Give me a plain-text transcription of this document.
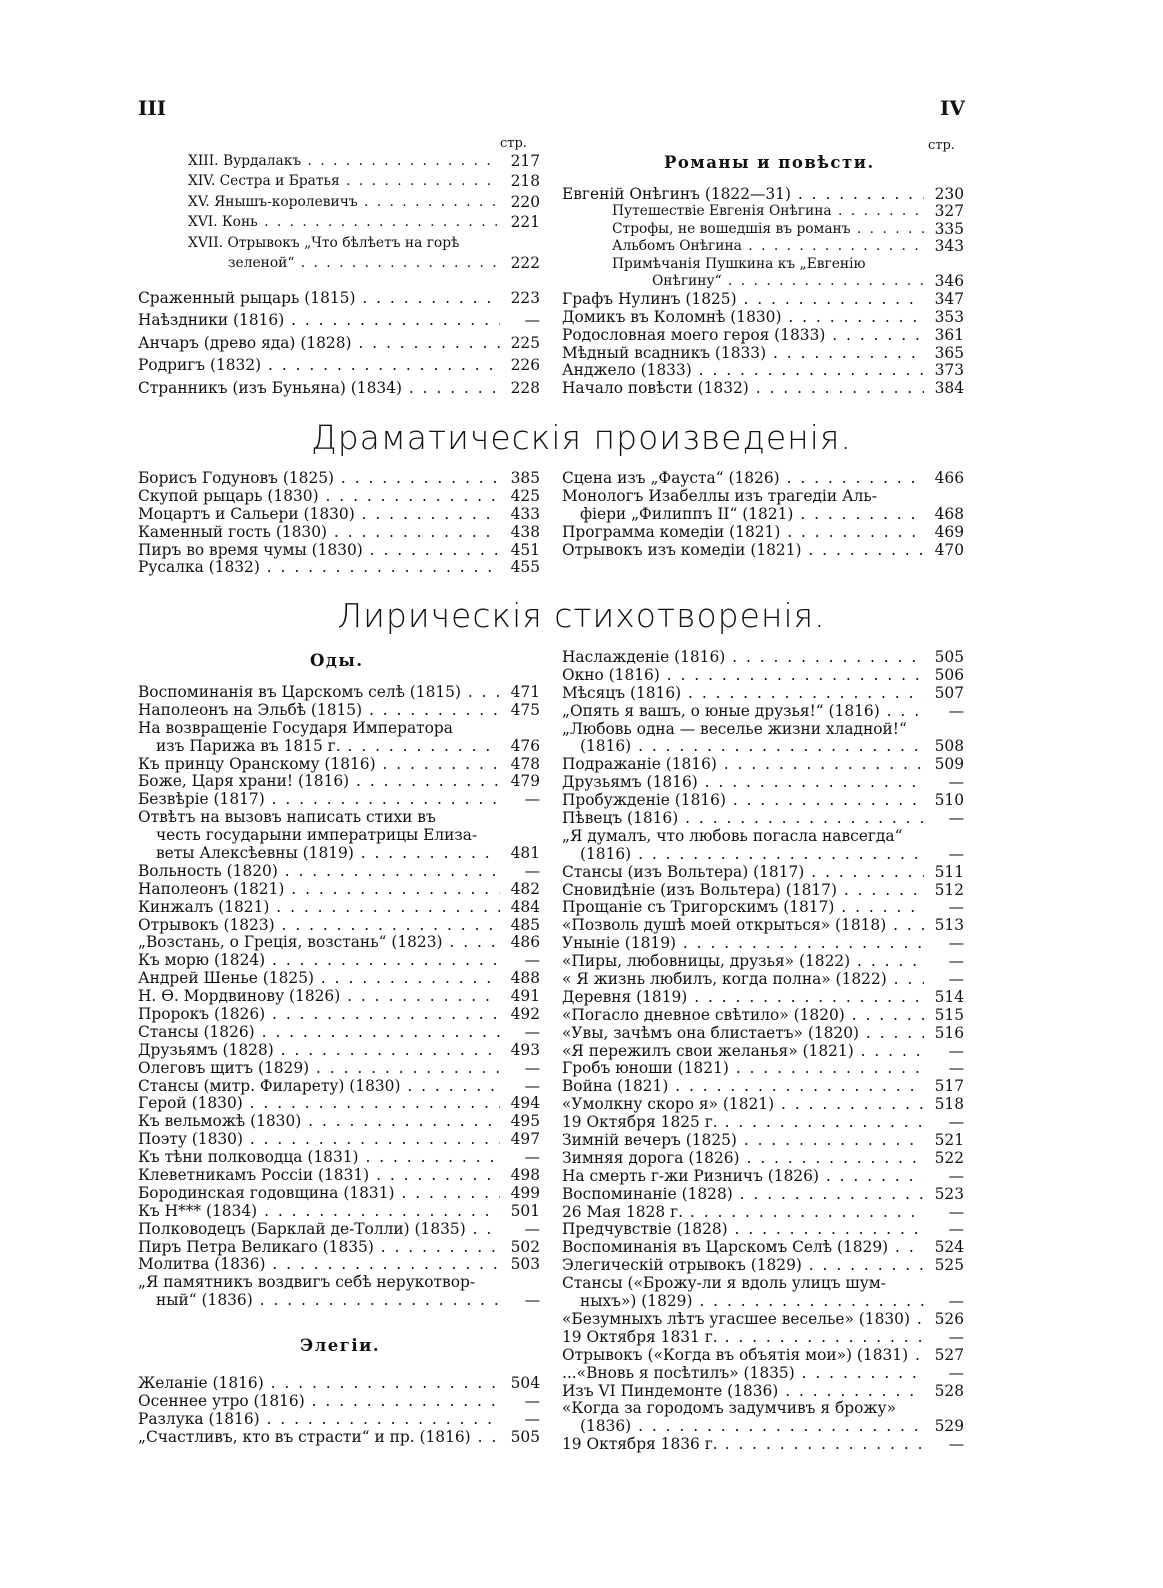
III	IV
стр.	стр.
Романы и повѣсти.
XIII. Вурдалакъ . . .	217
XIV. Сестра и Братья . . .	218
XV. Янышъ-королевичъ . . .	220
XVI. Конь . . .	221
XVII. Отрывокъ „Что бѣлѣетъ на горѣ
зеленой“ . . .	222
Сраженный рыцарь (1815) . . .	223
Наѣздники (1816) . . .	—
Анчаръ (древо яда) (1828) . . .	225
Родригъ (1832) . . .	226
Странникъ (изъ Буньяна) (1834) . . .	228
Евгеній Онѣгинъ (1822—31) . . .	230
Путешествіе Евгенія Онѣгина . . .	327
Строфы, не вошедшія въ романъ . . .	335
Альбомъ Онѣгина . . .	343
Примѣчанія Пушкина къ „Евгенію
Онѣгину“ . . .	346
Графъ Нулинъ (1825) . . .	347
Домикъ въ Коломнѣ (1830) . . .	353
Родословная моего героя (1833) . . .	361
Мѣдный всадникъ (1833) . . .	365
Анджело (1833) . . .	373
Начало повѣсти (1832) . . .	384
Драматическія произведенія.
Борисъ Годуновъ (1825) . . .	385
Скупой рыцарь (1830) . . .	425
Моцартъ и Сальери (1830) . . .	433
Каменный гость (1830) . . .	438
Пиръ во время чумы (1830) . . .	451
Русалка (1832) . . .	455
Сцена изъ „Фауста“ (1826) . . .	466
Монологъ Изабеллы изъ трагедіи Аль-
фіери „Филиппъ II“ (1821) . . .	468
Программа комедіи (1821) . . .	469
Отрывокъ изъ комедіи (1821) . . .	470
Лирическія стихотворенія.
Оды.
Воспоминанія въ Царскомъ селѣ (1815) . . .	471
Наполеонъ на Эльбѣ (1815) . . .	475
На возвращеніе Государя Императора
изъ Парижа въ 1815 г. . . .	476
Къ принцу Оранскому (1816) . . .	478
Боже, Царя храни! (1816) . . .	479
Безвѣріе (1817) . . .	—
Отвѣтъ на вызовъ написать стихи въ
честь государыни императрицы Елиза-
веты Алексѣевны (1819) . . .	481
Вольность (1820) . . .	—
Наполеонъ (1821) . . .	482
Кинжалъ (1821) . . .	484
Отрывокъ (1823) . . .	485
„Возстань, о Греція, возстань“ (1823) . . .	486
Къ морю (1824) . . .	—
Андрей Шенье (1825) . . .	488
Н. Ѳ. Мордвинову (1826) . . .	491
Пророкъ (1826) . . .	492
Стансы (1826) . . .	—
Друзьямъ (1828) . . .	493
Олеговъ щитъ (1829) . . .	—
Стансы (митр. Филарету) (1830) . . .	—
Герой (1830) . . .	494
Къ вельможѣ (1830) . . .	495
Поэту (1830) . . .	497
Къ тѣни полководца (1831) . . .	—
Клеветникамъ Россіи (1831) . . .	498
Бородинская годовщина (1831) . . .	499
Къ Н*** (1834) . . .	501
Полководецъ (Барклай де-Толли) (1835) . . .	—
Пиръ Петра Великаго (1835) . . .	502
Молитва (1836) . . .	503
„Я памятникъ воздвигъ себѣ нерукотвор-
ный“ (1836) . . .	—
Элегіи.
Желаніе (1816) . . .	504
Осеннее утро (1816) . . .	—
Разлука (1816) . . .	—
„Счастливъ, кто въ страсти“ и пр. (1816) . . .	505
Наслажденіе (1816) . . .	505
Окно (1816) . . .	506
Мѣсяцъ (1816) . . .	507
„Опять я вашъ, о юные друзья!“ (1816) . . .	—
„Любовь одна — веселье жизни хладной!“
(1816) . . .	508
Подражаніе (1816) . . .	509
Друзьямъ (1816) . . .	—
Пробужденіе (1816) . . .	510
Пѣвецъ (1816) . . .	—
„Я думалъ, что любовь погасла навсегда“
(1816) . . .	—
Стансы (изъ Вольтера) (1817) . . .	511
Сновидѣніе (изъ Вольтера) (1817) . . .	512
Прощаніе съ Тригорскимъ (1817) . . .	—
«Позволь душѣ моей открыться» (1818) . . .	513
Уныніе (1819) . . .	—
«Пиры, любовницы, друзья» (1822) . . .	—
« Я жизнь любилъ, когда полна» (1822) . . .	—
Деревня (1819) . . .	514
«Погасло дневное свѣтило» (1820) . . .	515
«Увы, зачѣмъ она блистаетъ» (1820) . . .	516
«Я пережилъ свои желанья» (1821) . . .	—
Гробъ юноши (1821) . . .	—
Война (1821) . . .	517
«Умолкну скоро я» (1821) . . .	518
19 Октября 1825 г. . . .	—
Зимній вечеръ (1825) . . .	521
Зимняя дорога (1826) . . .	522
На смерть г-жи Ризничъ (1826) . . .	—
Воспоминаніе (1828) . . .	523
26 Мая 1828 г. . . .	—
Предчувствіе (1828) . . .	—
Воспоминанія въ Царскомъ Селѣ (1829) . . .	524
Элегическій отрывокъ (1829) . . .	525
Стансы («Брожу-ли я вдоль улицъ шум-
ныхъ») (1829) . . .	—
«Безумныхъ лѣтъ угасшее веселье» (1830) . . .	526
19 Октября 1831 г. . . .	—
Отрывокъ («Когда въ объятія мои») (1831) . . .	527
...«Вновь я посѣтилъ» (1835) . . .	—
Изъ VI Пиндемонте (1836) . . .	528
«Когда за городомъ задумчивъ я брожу»
(1836) . . .	529
19 Октября 1836 г. . . .	—
